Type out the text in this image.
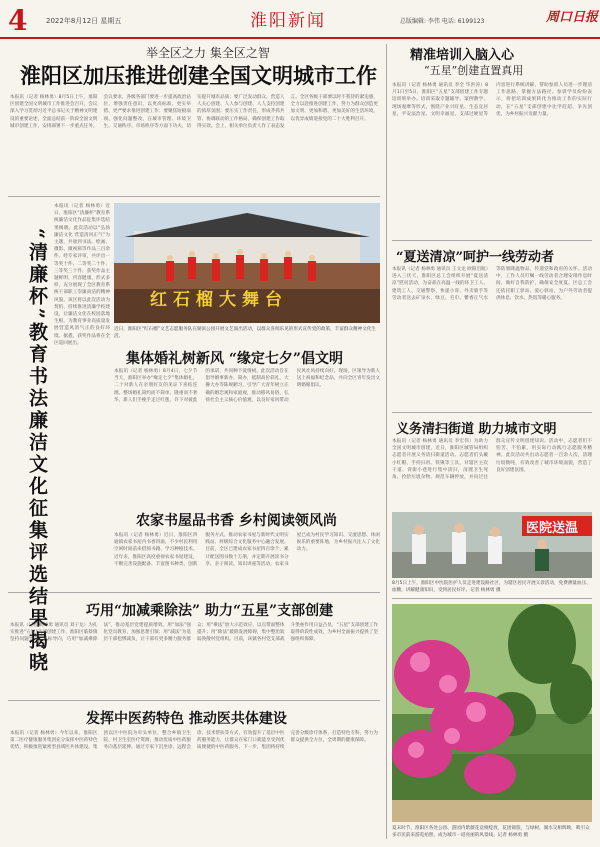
4	2022年8月12日 星期五	淮阳新闻	总版编辑: 李伟 电话: 6199123	周口日报
举全区之力 集全区之智
淮阳区加压推进创建全国文明城市工作
本报讯（记者 杨林勇）8月5日上午，淮阳区创建全国文明城市工作推进会召开。会议深入学习贯彻习近平总书记关于精神文明建设的重要论述，全面总结前一阶段全国文明城市创建工作，安排部署下一步重点任务。会议要求，各级各部门要进一步提高政治站位，增强责任意识，以更高标准、更实举措、更严要求推进创建工作；要聚焦短板弱项，强化问题整改，在城市管理、环境卫生、交通秩序、市场秩序等方面下功夫，切实提升城市品质；要广泛发动群众，营造人人关心创建、人人参与创建、人人支持创建的浓厚氛围；要压实工作责任，形成齐抓共管、协调联动的工作格局，确保创建工作取得实效。会上，相关单位负责人作了表态发言。全区各级干部要以时不我待的紧迫感，全力以赴推进创建工作，努力为群众创造更加文明、更加和谐、更加美好的生活环境，以优异成绩迎接党的二十大胜利召开。
“清廉杯”教育书法廉洁文化征集评选结果揭晓
本报讯（记者 杨林勇）近日，淮阳区“清廉杯”教育系统廉洁文化作品征集评选结果揭晓。此次活动以“弘扬廉洁文化 营造清风正气”为主题，共收到书法、绘画、摄影、微视频等作品三百余件。经专家评审，共评出一等奖十件、二等奖二十件、三等奖三十件。获奖作品主题鲜明、内容健康、形式多样，充分展现了全区教育系统干部职工崇廉尚洁的精神风貌。该区将以此次活动为契机，持续推进清廉学校建设，让廉洁文化在校园落地生根，为教育事业高质量发展营造风清气正的良好环境。据悉，获奖作品将在全区巡回展出。
红石榴大舞台
近日，淮阳区“红石榴”文艺志愿服务队在湖滨公园开展文艺演出活动，以群众喜闻乐见的形式宣传党的政策，丰富群众精神文化生活。
集体婚礼树新风 “缘定七夕”倡文明
本报讯（记者 杨林勇）8月4日，七夕节当天，淮阳区举办“缘定七夕”集体婚礼，二十对新人在亲朋好友的见证下喜结连理。整场婚礼简约而不简单，隆重而不奢华，新人们手挽手走过红毯，许下对彼此的承诺，共同种下爱情树。此次活动旨在倡导婚事新办、简办，抵制高价彩礼、大操大办等陈规陋习，引导广大青年树立正确的婚恋观和家庭观，推动移风易俗，弘扬社会主义核心价值观，以良好家风带动民风社风持续向好。现场，区领导为新人送上祝福和纪念品，并向全区青年发出文明婚嫁倡议。
农家书屋品书香 乡村阅读领风尚
本报讯（记者 杨林勇）近日，淮阳区四通镇农家书屋内书香四溢，不少村民利用空闲时间前来借阅书籍、学习种植技术。近年来，淮阳区高度重视农家书屋建设，不断完善设施配备、丰富图书种类、创新服务方式，推动农家书屋与新时代文明实践站、村级综合文化服务中心融合发展。目前，全区已建成农家书屋四百余个，累计配送图书数十万册，并定期开展读书分享、亲子阅读、知识讲座等活动。农家书屋已成为村民学习知识、交流思想、休闲娱乐的重要阵地，为乡村振兴注入了文化动力。
巧用“加减乘除法” 助力“五星”支部创建
本报讯（记者 杨林勇 通讯员 刘子龙）为扎实推进“五星”支部创建工作，淮阳区临蔡镇坚持问题导向、目标导向，巧用“加减乘除法”，推动基层党建提质增效。用“加法”强化党员教育，加强思想引领；用“减法”为基层干部松绑减负，让干部有更多精力服务群众；用“乘法”放大示范效应，以点带面整体提升；用“除法”破除发展障碍，集中整治软弱涣散村党组织。目前，该镇各村党支部战斗堡垒作用日益凸显，“五星”支部创建工作取得阶段性成效，为乡村全面振兴提供了坚强组织保障。
发挥中医药特色 推动医共体建设
本报讯（记者 杨林勇）今年以来，淮阳区第二医疗健康服务集团充分发挥中医药特色优势，积极推进紧密型县域医共体建设。集团以区中医院为牵头单位，整合乡镇卫生院、村卫生室医疗资源，推动优质中医药服务向基层延伸。通过专家下沉坐诊、远程会诊、技术帮扶等方式，有效提升了基层中医药服务能力，让群众在家门口就能享受到优质便捷的中医药服务。下一步，集团将持续完善分级诊疗体系，打造特色专科，努力为群众提供全方位、全周期的健康保障。
精准培训入脑入心
“五星”创建直置真用
本报讯（记者 杨林勇 通讯员 李全 毕洪涛）8月1日至5日，淮阳区“五星”支部创建工作专题培训班举办。培训采取专题辅导、案例教学、现场观摩等形式，围绕产业兴旺星、生态宜居星、平安法治星、文明幸福星、支部过硬星等内容进行系统讲解，帮助参训人员进一步理清工作思路、掌握方法路径。参训学员纷纷表示，将把培训成果转化为推动工作的实际行动，在“五星”支部创建中比学赶超、争先创优，为乡村振兴贡献力量。
“夏送清凉”呵护一线劳动者
本报讯（记者 杨林勇 通讯员 王文龙 欧阳启航）进入三伏天，淮阳区总工会组织开展“夏送清凉”慰问活动，为奋战在高温一线的环卫工人、建筑工人、交通警察、快递小哥、外卖骑手等劳动者送去矿泉水、绿豆、毛巾、藿香正气水等防暑降温物品，传递党和政府的关怀。活动中，工作人员叮嘱一线劳动者合理安排作息时间，做好自我防护，确保安全度夏。区总工会还依托职工驿站、爱心驿站，为户外劳动者提供休息、饮水、热饭等暖心服务。
义务清扫街道 助力城市文明
本报讯（记者 杨林勇 通讯员 李宏伟）为助力全国文明城市创建，近日，淮阳区城管局组织志愿者开展义务清扫街道活动。志愿者们头戴小红帽，手持扫帚、铁锹等工具，对辖区主次干道、背街小巷进行集中清扫，清理卫生死角、捡拾垃圾杂物、规范车辆停放，并向过往群众宣传文明创建知识。活动中，志愿者们不怕苦、不怕累，用实际行动践行志愿服务精神。此次活动共出动志愿者一百余人次，清理垃圾数吨，有效改善了城市环境面貌，营造了良好创建氛围。
医院送温
8月5日上午，淮阳区中医院医护人员走进建设路社区，为辖区居民开展义诊活动，免费测量血压、血糖，讲解健康知识，受到居民好评。记者 杨林勇 摄
夏末时节，淮阳区各处公园、游园内紫薇花竞相绽放，花团锦簇，与绿树、湖水交相辉映，吸引众多市民前来游览拍照，成为城市一道亮丽的风景线。记者 杨林勇 摄
